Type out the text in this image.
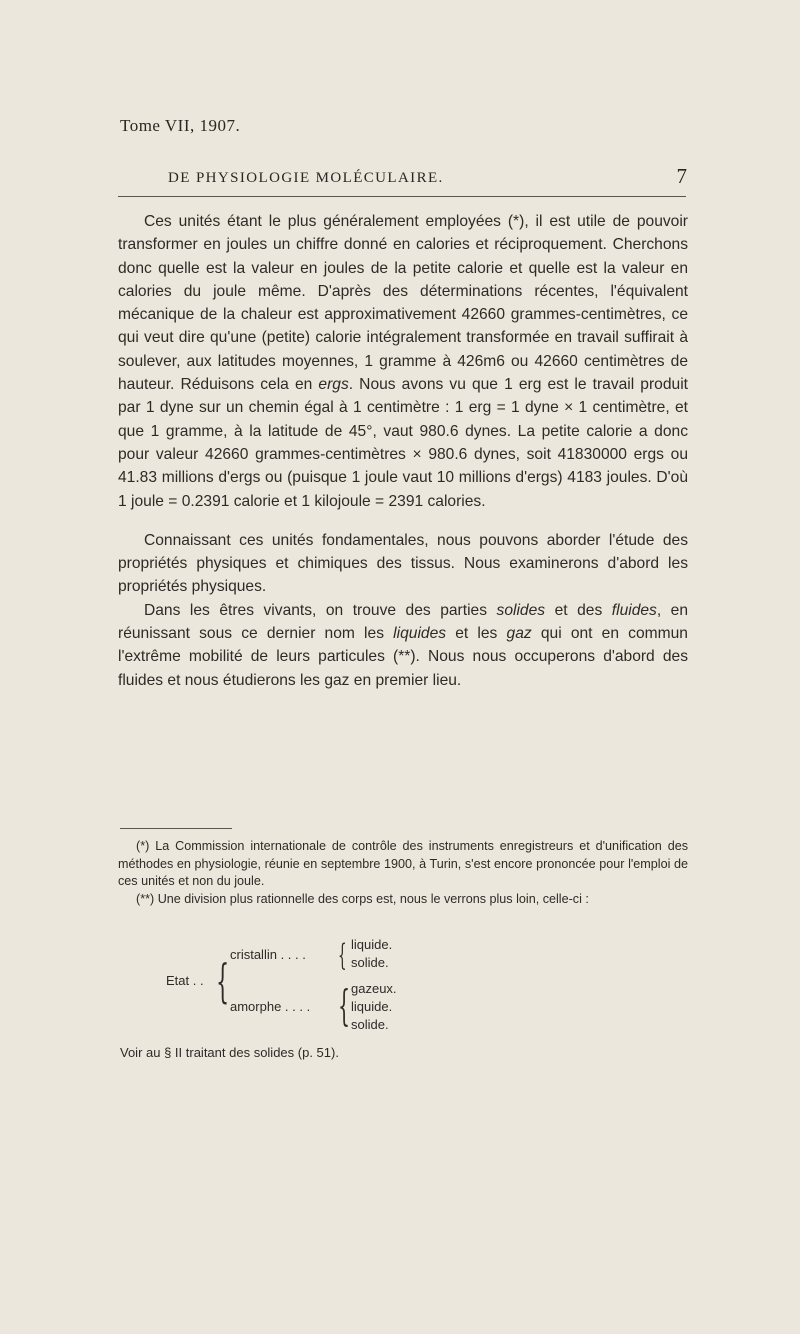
Tome VII, 1907.
DE PHYSIOLOGIE MOLÉCULAIRE.	7

Ces unités étant le plus généralement employées (*), il est utile de pouvoir transformer en joules un chiffre donné en calories et réciproquement. Cherchons donc quelle est la valeur en joules de la petite calorie et quelle est la valeur en calories du joule même. D'après des déterminations récentes, l'équivalent mécanique de la chaleur est approximativement 42660 grammes-centimètres, ce qui veut dire qu'une (petite) calorie intégralement transformée en travail suffirait à soulever, aux latitudes moyennes, 1 gramme à 426m6 ou 42660 centimètres de hauteur. Réduisons cela en ergs. Nous avons vu que 1 erg est le travail produit par 1 dyne sur un chemin égal à 1 centimètre : 1 erg = 1 dyne × 1 centimètre, et que 1 gramme, à la latitude de 45°, vaut 980.6 dynes. La petite calorie a donc pour valeur 42660 grammes-centimètres × 980.6 dynes, soit 41830000 ergs ou 41.83 millions d'ergs ou (puisque 1 joule vaut 10 millions d'ergs) 4183 joules. D'où 1 joule = 0.2391 calorie et 1 kilojoule = 2391 calories.

Connaissant ces unités fondamentales, nous pouvons aborder l'étude des propriétés physiques et chimiques des tissus. Nous examinerons d'abord les propriétés physiques.

Dans les êtres vivants, on trouve des parties solides et des fluides, en réunissant sous ce dernier nom les liquides et les gaz qui ont en commun l'extrême mobilité de leurs particules (**). Nous nous occuperons d'abord des fluides et nous étudierons les gaz en premier lieu.

(*) La Commission internationale de contrôle des instruments enregistreurs et d'unification des méthodes en physiologie, réunie en septembre 1900, à Turin, s'est encore prononcée pour l'emploi de ces unités et non du joule.

(**) Une division plus rationnelle des corps est, nous le verrons plus loin, celle-ci :

Etat . . { cristallin . . . .
amorphe . . . .
{ liquide.
solide.
{ gazeux.
liquide.
solide.
Voir au § II traitant des solides (p. 51).
